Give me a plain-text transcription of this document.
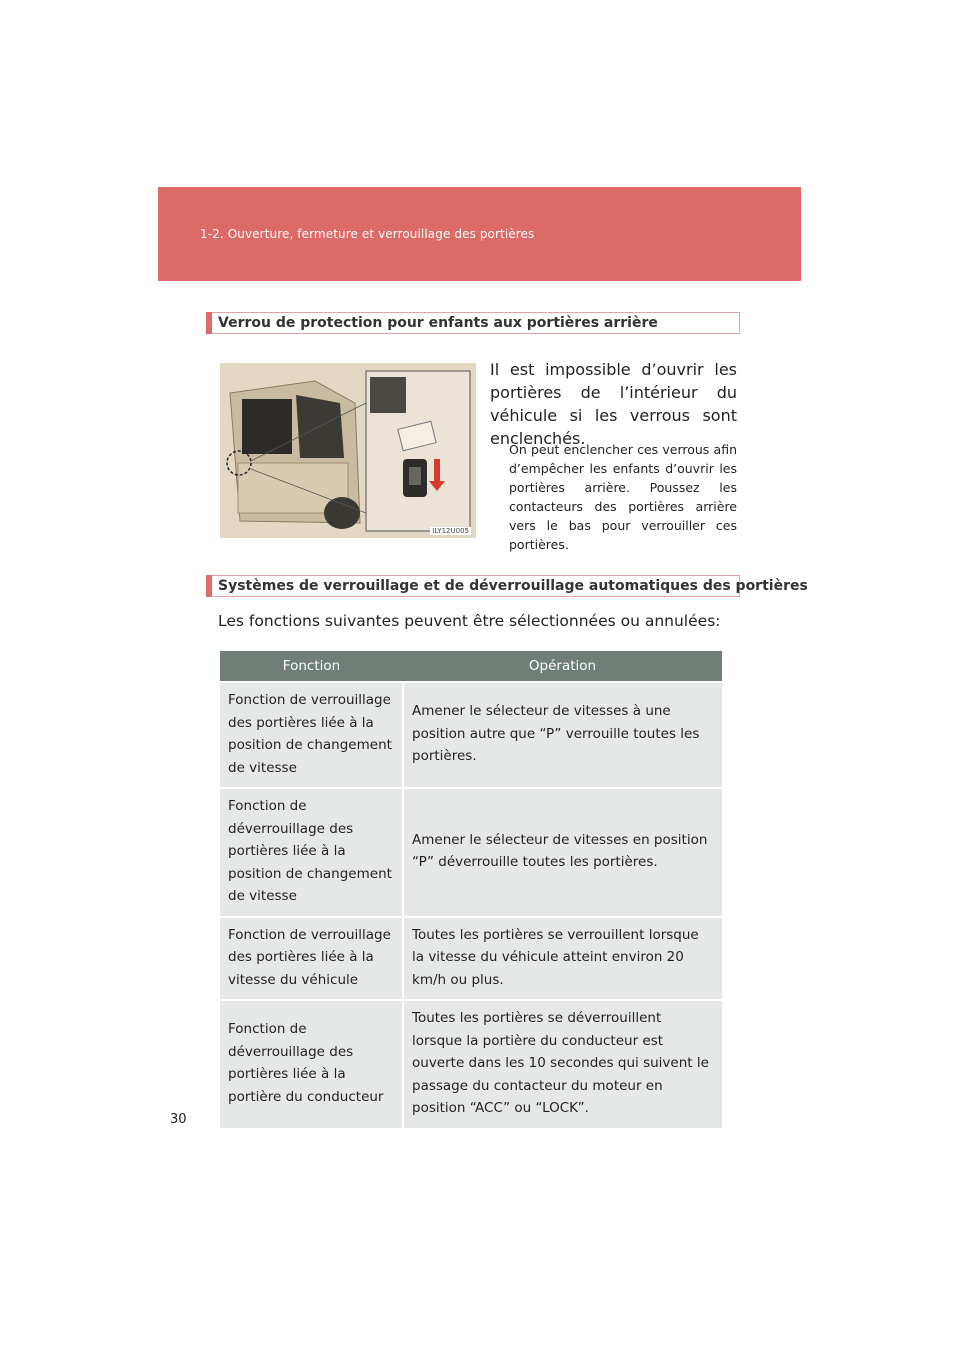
1-2. Ouverture, fermeture et verrouillage des portières
Verrou de protection pour enfants aux portières arrière
ILY12U005
Il est impossible d’ouvrir les portières de l’intérieur du véhicule si les verrous sont enclenchés.
On peut enclencher ces verrous afin d’empêcher les enfants d’ouvrir les portières arrière. Poussez les contacteurs des portières arrière vers le bas pour verrouiller ces portières.
Systèmes de verrouillage et de déverrouillage automatiques des portières
Les fonctions suivantes peuvent être sélectionnées ou annulées:
Fonction	Opération
Fonction de verrouillage des portières liée à la position de changement de vitesse	Amener le sélecteur de vitesses à une position autre que “P” verrouille toutes les portières.
Fonction de déverrouillage des portières liée à la position de changement de vitesse	Amener le sélecteur de vitesses en position “P” déverrouille toutes les portières.
Fonction de verrouillage des portières liée à la vitesse du véhicule	Toutes les portières se verrouillent lorsque la vitesse du véhicule atteint environ 20 km/h ou plus.
Fonction de déverrouillage des portières liée à la portière du conducteur	Toutes les portières se déverrouillent lorsque la portière du conducteur est ouverte dans les 10 secondes qui suivent le passage du contacteur du moteur en position “ACC” ou “LOCK”.
30
